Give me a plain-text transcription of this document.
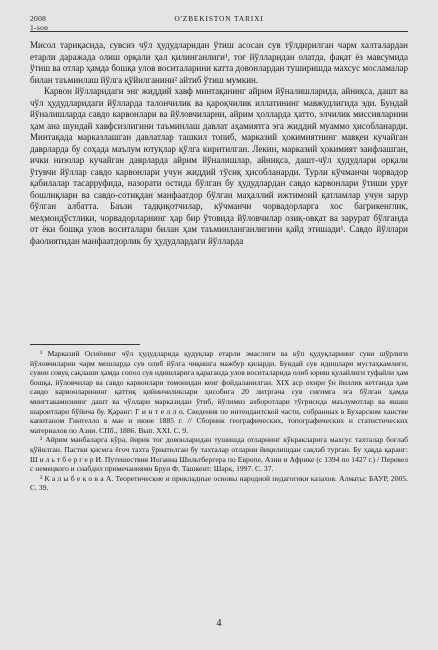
2008
1-son
O'ZBEKISTON TARIXI

Мисол тариқасида, сувсиз чўл ҳудудларидан ўтиш асосан сув тўлдирилган чарм халталардан етарли даражада олиш орқали ҳал қилинганлиги¹, тоғ йўлларидан олатда, фақат ёз мавсумида ўтиш ва отлар ҳамда бошқа улов воситаларини катта довонлардан туширишда махсус мосламалар билан таъминлаш йўлга қўйилганини² айтиб ўтиш мумкин.

Карвон йўлларидаги энг жиддий хавф минтақанинг айрим йўналишларида, айниқса, дашт ва чўл ҳудудларидаги йўлларда талончилик ва қароқчилик иллатининг мавжудлигида эди. Бундай йўналишларда савдо карвонлари ва йўловчиларни, айрим ҳолларда ҳатто, элчилик миссияларини ҳам ана шундай хавфсизлигини таъминлаш давлат аҳамиятга эга жиддий муаммо ҳисобланарди. Минтақада марказлашган давлатлар ташкил топиб, марказий ҳокимиятнинг мавқеи кучайган даврларда бу соҳада маълум ютуқлар қўлга киритилган. Лекин, марказий ҳокимият заифлашган, ички низолар кучайган даврларда айрим йўналишлар, айниқса, дашт-чўл ҳудудлари орқали ўтувчи йўллар савдо карвонлари учун жиддий тўсиқ ҳисобланарди. Турли кўчманчи чорвадор қабилалар тасарруфида, назорати остида бўлган бу ҳудудлардан савдо карвонлари ўтиши уруғ бошлиқлари ва савдо-сотиқдан манфаатдор бўлган маҳаллий ижтимоий қатламлар учун зарур бўлган албатта. Баъзи тадқиқотчилар, кўчманчи чорвадорларга хос багрикенглик, меҳмондўстлики, чорвадорларнинг ҳар бир ўтовида йўловчилар озиқ-овқат ва зарурат бўлганда от ёки бошқа улов воситалари билан ҳам таъминланганлигини қайд этишади¹. Савдо йўллари фаолиятидан манфаатдорлик бу ҳудудлардаги йўлларда

¹ Марказий Осиёнинг чўл ҳудудларида қудуқлар етарли эмаслиги ва кўп қудуқларнинг суви шўрлиги йўловчиларни чарм мешларда сув олиб йўлга чиқишга мажбур қиларди. Бундай сув идишлари мустаҳкамлиги, сувни совуқ сақлаши ҳамда сопол сув идишларига қараганда улов воситаларида олиб юриш қулайлиги туфайли ҳам бошқа, йўловчилар ва савдо карвонлари томонидан кенг фойдаланилган. XIX аср охири ўн йиллик кетганда ҳам савдо карвонларининг қаттиқ қийинчиликлари ҳисобига 20 литргача сув сиғимга эга бўлган ҳамда мингтакамизнинг дашт ва чўллари марказидан ўтиб, йўлимиз ахборотлари тўғрисида маълумотлар ва яшаш шароитлари бўйича бу. Қаранг: Г и н т е л л о. Сведения по интендантской части, собранных в Бухарском ханстве капитаном Гинтелло в мае и июне 1885 г. // Сборник географических, топографических и статистических материалов по Азии. СПб., 1886. Вып. XXI. С. 9.

² Айрим манбаларга кўра, йирик тоғ довонларидан тушишда отларнинг кўкракларига махсус тахталар боғлаб қўйилган. Пастки қисмга ёғоч тахта ўрнатилган бу тахталар отларни йиқилишдан сақлаб турган. Бу ҳақда қаранг: Ш и л ь т б е р г е р И. Путешествия Иоганна Шильтбергера по Европе, Азии и Африке (с 1394 по 1427 г.) / Перевел с немецкого и снабдил примечаниями Брун Ф. Ташкент: Шарк, 1997. С. 37.

³ К а л ы б е к о в а А. Теоретические и прикладные основы народной педагогики казахов. Алматы: БАУР, 2005. С. 39.

4
